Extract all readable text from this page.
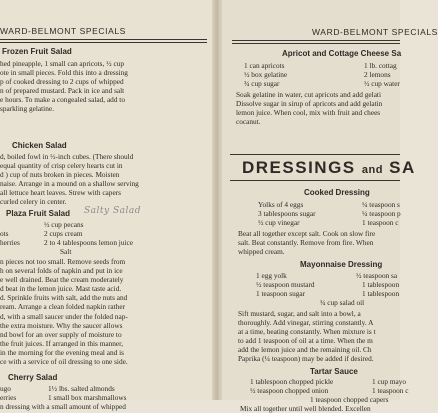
WARD-BELMONT SPECIALS
Frozen Fruit Salad
hed pineapple, 1 small can apricots, ½ cup
ote in small pieces. Fold this into a dressing
p of cooked dressing to 2 cups of whipped
n of prepared mustard. Pack in ice and salt
e hours. To make a congealed salad, add to
sparkling gelatine.
Chicken Salad
d, boiled fowl in ½-inch cubes. (There should
equal quantity of crisp celery hearts cut in
d ) cup of nuts broken in pieces. Moisten
naise. Arrange in a mound on a shallow serving
all lettuce heart leaves. Strew with capers
curled celery in center.
Plaza Fruit Salad Salty Salad
½ cup pecans
ots	2 cups cream
herries	2 to 4 tablespoons lemon juice
Salt
n pieces not too small. Remove seeds from
h on several folds of napkin and put in ice
e well drained. Beat the cream moderately
d beat in the lemon juice. Mast taste acid.
d. Sprinkle fruits with salt, add the nuts and
ream. Arrange a clean folded napkin rather
d, with a small saucer under the folded nap-
the extra moisture. Why the saucer allows
nd bowl for an over supply of moisture to
the fruit juices. If arranged in this manner,
in the morning for the evening meal and is
ce with a service of oil dressing to one side.
Cherry Salad
ugo	1½ lbs. salted almonds
erries	1 small box marshmallows
n dressing with a small amount of whipped
WARD-BELMONT SPECIALS
Apricot and Cottage Cheese Sa
1 can apricots	1 lb. cottag
½ box gelatine	2 lemons
¾ cup sugar	½ cup water
Soak gelatine in water, cut apricots and add gelati
Dissolve sugar in sirup of apricots and add gelatin
lemon juice. When cool, mix with fruit and chees
cocanut.
DRESSINGS and SA
Cooked Dressing
Yolks of 4 eggs	¼ teaspoon s
3 tablespoons sugar	¼ teaspoon p
½ cup vinegar	1 teaspoon c
Beat all together except salt. Cook on slow fire
salt. Beat constantly. Remove from fire. When
whipped cream.
Mayonnaise Dressing
1 egg yolk	½ teaspoon sa
½ teaspoon mustard	1 tablespoon
1 teaspoon sugar	1 tablespoon
¾ cup salad oil
Sift mustard, sugar, and salt into a bowl, a
thoroughly. Add vinegar, stirring constantly. A
at a time, beating constantly. When mixture is t
to add 1 teaspoon of oil at a time. When the m
add the lemon juice and the remaining oil. Ch
Paprika (¼ teaspoon) may be added if desired.
Tartar Sauce
1 tablespoon chopped pickle	1 cup mayo
½ teaspoon chopped onion	1 teaspoon c
1 teaspoon chopped capers
Mix all together until well blended. Excellen
